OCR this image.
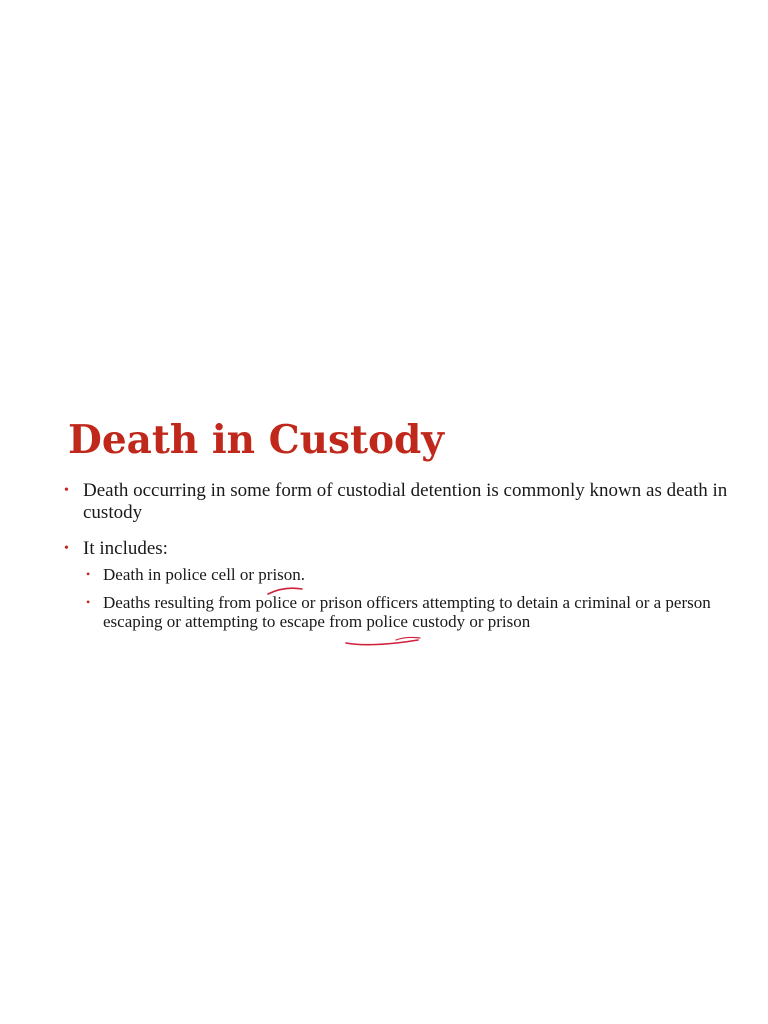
Death in Custody
• Death occurring in some form of custodial detention is commonly known as death in custody
• It includes:
• Death in police cell or prison.
• Deaths resulting from police or prison officers attempting to detain a criminal or a person escaping or attempting to escape from police custody or prison
